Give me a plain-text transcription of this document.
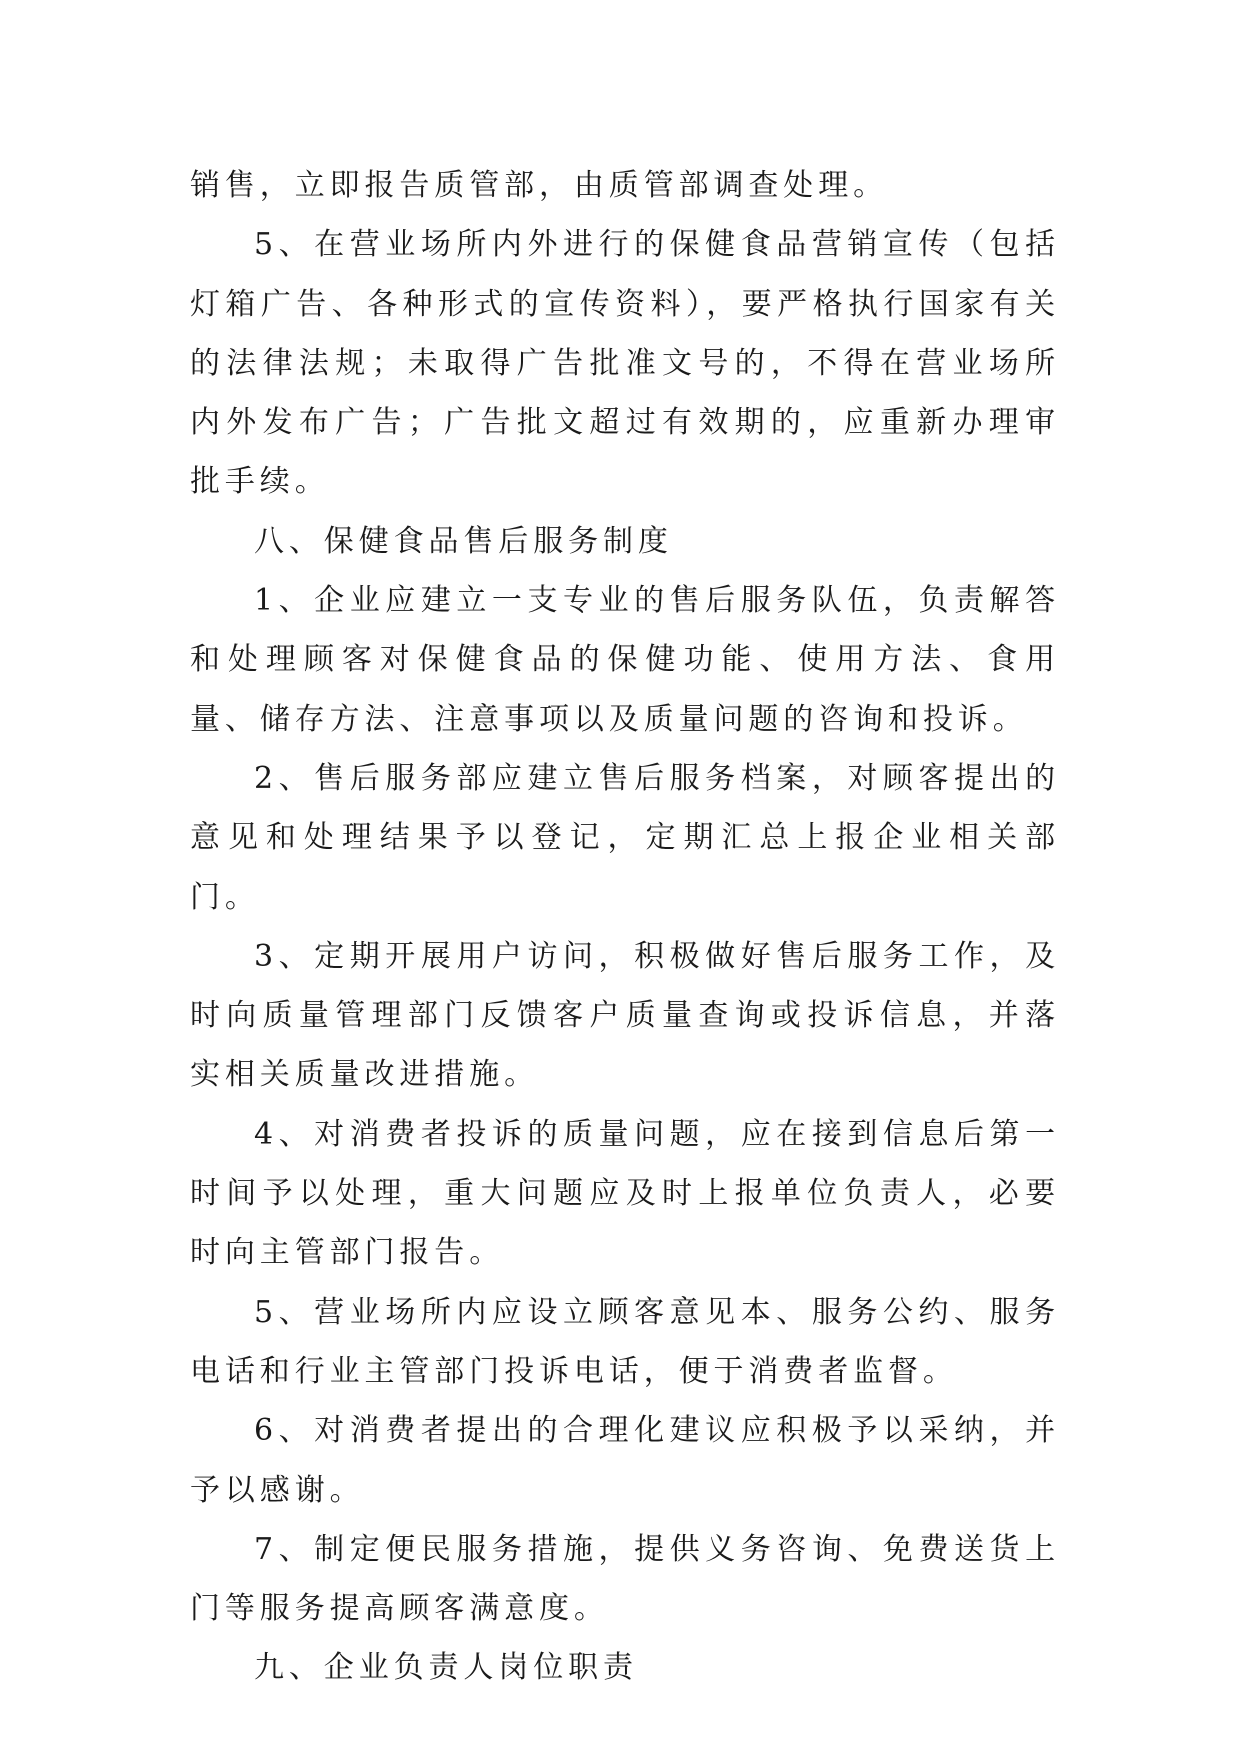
销售，立即报告质管部，由质管部调查处理。

5、在营业场所内外进行的保健食品营销宣传（包括灯箱广告、各种形式的宣传资料），要严格执行国家有关的法律法规；未取得广告批准文号的，不得在营业场所内外发布广告；广告批文超过有效期的，应重新办理审批手续。

八、保健食品售后服务制度

1、企业应建立一支专业的售后服务队伍，负责解答和处理顾客对保健食品的保健功能、使用方法、食用量、储存方法、注意事项以及质量问题的咨询和投诉。

2、售后服务部应建立售后服务档案，对顾客提出的意见和处理结果予以登记，定期汇总上报企业相关部门。

3、定期开展用户访问，积极做好售后服务工作，及时向质量管理部门反馈客户质量查询或投诉信息，并落实相关质量改进措施。

4、对消费者投诉的质量问题，应在接到信息后第一时间予以处理，重大问题应及时上报单位负责人，必要时向主管部门报告。

5、营业场所内应设立顾客意见本、服务公约、服务电话和行业主管部门投诉电话，便于消费者监督。

6、对消费者提出的合理化建议应积极予以采纳，并予以感谢。

7、制定便民服务措施，提供义务咨询、免费送货上门等服务提高顾客满意度。

九、企业负责人岗位职责
